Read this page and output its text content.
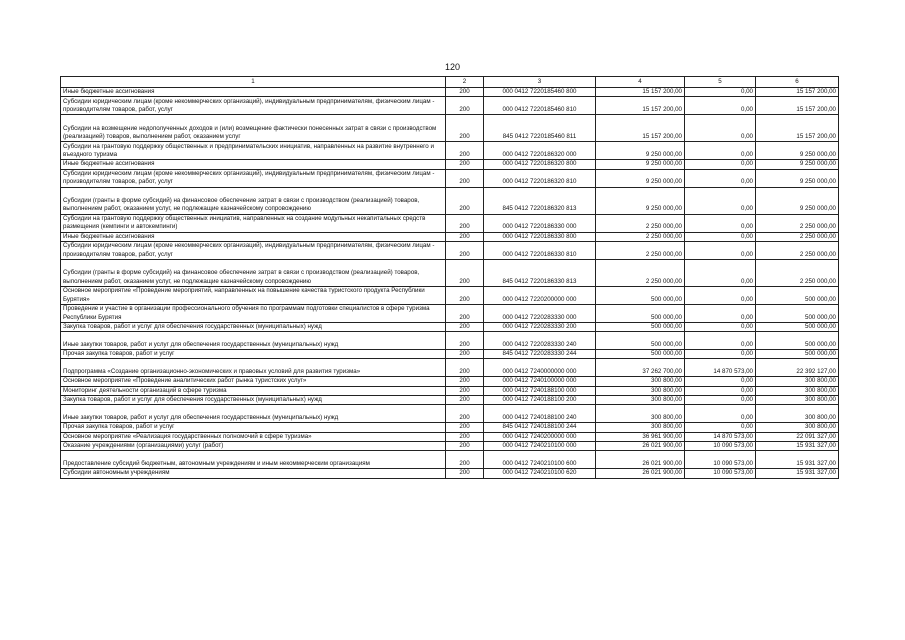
120
1	2	3	4	5	6
Иные бюджетные ассигнования	200	000 0412 7220185460 800	15 157 200,00	0,00	15 157 200,00
Субсидии юридическим лицам (кроме некоммерческих организаций), индивидуальным предпринимателям, физическим лицам - производителям товаров, работ, услуг	200	000 0412 7220185460 810	15 157 200,00	0,00	15 157 200,00
Субсидии на возмещение недополученных доходов и (или) возмещение фактически понесенных затрат в связи с производством (реализацией) товаров, выполнением работ, оказанием услуг	200	845 0412 7220185460 811	15 157 200,00	0,00	15 157 200,00
Субсидии на грантовую поддержку общественных и предпринимательских инициатив, направленных на развитие внутреннего и въездного туризма	200	000 0412 7220186320 000	9 250 000,00	0,00	9 250 000,00
Иные бюджетные ассигнования	200	000 0412 7220186320 800	9 250 000,00	0,00	9 250 000,00
Субсидии юридическим лицам (кроме некоммерческих организаций), индивидуальным предпринимателям, физическим лицам - производителям товаров, работ, услуг	200	000 0412 7220186320 810	9 250 000,00	0,00	9 250 000,00
Субсидии (гранты в форме субсидий) на финансовое обеспечение затрат в связи с производством (реализацией) товаров, выполнением работ, оказанием услуг, не подлежащие казначейскому сопровождению	200	845 0412 7220186320 813	9 250 000,00	0,00	9 250 000,00
Субсидии на грантовую поддержку общественных инициатив, направленных на создание модульных некапитальных средств размещения (кемпинги и автокемпинги)	200	000 0412 7220186330 000	2 250 000,00	0,00	2 250 000,00
Иные бюджетные ассигнования	200	000 0412 7220186330 800	2 250 000,00	0,00	2 250 000,00
Субсидии юридическим лицам (кроме некоммерческих организаций), индивидуальным предпринимателям, физическим лицам - производителям товаров, работ, услуг	200	000 0412 7220186330 810	2 250 000,00	0,00	2 250 000,00
Субсидии (гранты в форме субсидий) на финансовое обеспечение затрат в связи с производством (реализацией) товаров, выполнением работ, оказанием услуг, не подлежащие казначейскому сопровождению	200	845 0412 7220186330 813	2 250 000,00	0,00	2 250 000,00
Основное мероприятие «Проведение мероприятий, направленных на повышение качества туристского продукта Республики Бурятия»	200	000 0412 7220200000 000	500 000,00	0,00	500 000,00
Проведение и участие в организации профессионального обучения по программам подготовки специалистов в сфере туризма Республики Бурятия	200	000 0412 7220283330 000	500 000,00	0,00	500 000,00
Закупка товаров, работ и услуг для обеспечения государственных (муниципальных) нужд	200	000 0412 7220283330 200	500 000,00	0,00	500 000,00
Иные закупки товаров, работ и услуг для обеспечения государственных (муниципальных) нужд	200	000 0412 7220283330 240	500 000,00	0,00	500 000,00
Прочая закупка товаров, работ и услуг	200	845 0412 7220283330 244	500 000,00	0,00	500 000,00
Подпрограмма «Создание организационно-экономических и правовых условий для развития туризма»	200	000 0412 7240000000 000	37 262 700,00	14 870 573,00	22 392 127,00
Основное мероприятие «Проведение аналитических работ рынка туристских услуг»	200	000 0412 7240100000 000	300 800,00	0,00	300 800,00
Мониторинг деятельности организаций в сфере туризма	200	000 0412 7240188100 000	300 800,00	0,00	300 800,00
Закупка товаров, работ и услуг для обеспечения государственных (муниципальных) нужд	200	000 0412 7240188100 200	300 800,00	0,00	300 800,00
Иные закупки товаров, работ и услуг для обеспечения государственных (муниципальных) нужд	200	000 0412 7240188100 240	300 800,00	0,00	300 800,00
Прочая закупка товаров, работ и услуг	200	845 0412 7240188100 244	300 800,00	0,00	300 800,00
Основное мероприятие «Реализация государственных полномочий в сфере туризма»	200	000 0412 7240200000 000	36 961 900,00	14 870 573,00	22 091 327,00
Оказание учреждениями (организациями) услуг (работ)	200	000 0412 7240210100 000	26 021 900,00	10 090 573,00	15 931 327,00
Предоставление субсидий бюджетным, автономным учреждениям и иным некоммерческим организациям	200	000 0412 7240210100 600	26 021 900,00	10 090 573,00	15 931 327,00
Субсидии автономным учреждениям	200	000 0412 7240210100 620	26 021 900,00	10 090 573,00	15 931 327,00
